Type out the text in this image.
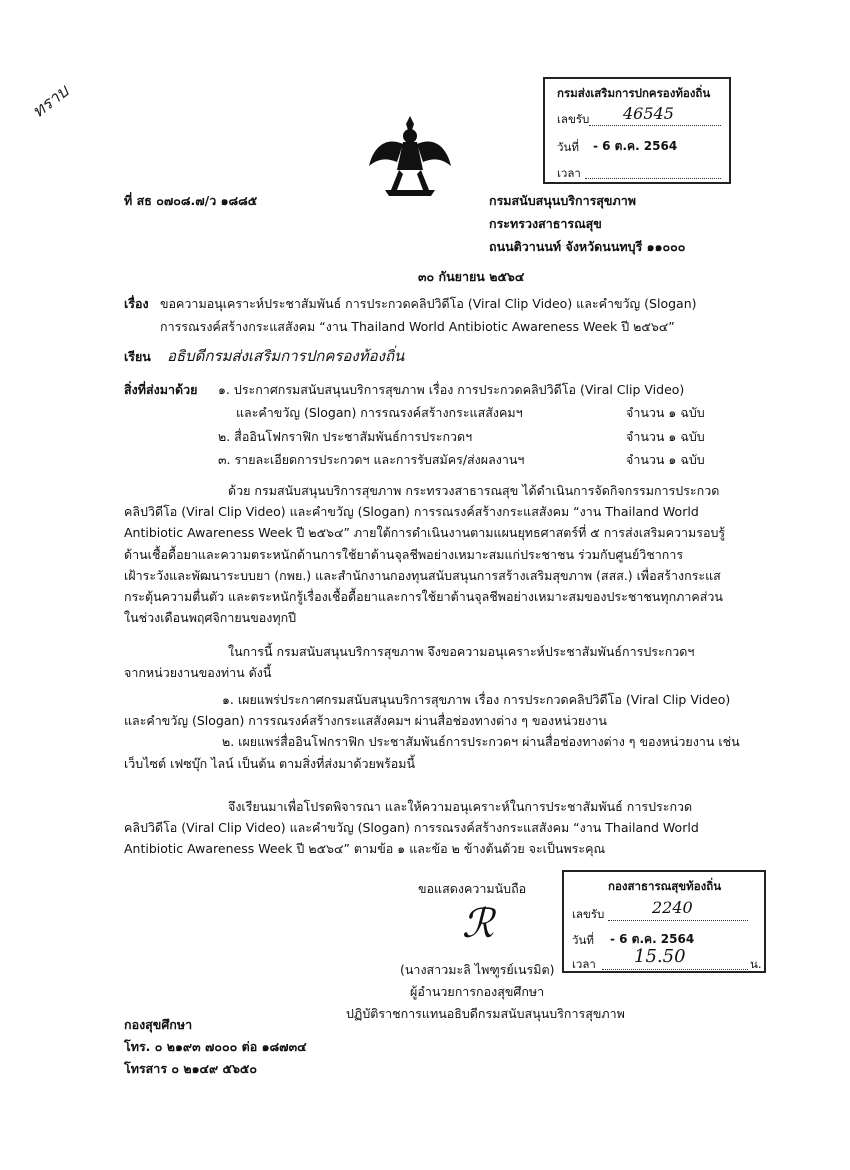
ทราบ	กรมส่งเสริมการปกครองท้องถิ่น
เลขรับ 46545
วันที่ - 6 ต.ค. 2564
เวลา
ที่ สธ ๐๗๐๘.๗/ว ๑๘๘๕	กรมสนับสนุนบริการสุขภาพ
กระทรวงสาธารณสุข
ถนนติวานนท์ จังหวัดนนทบุรี ๑๑๐๐๐
๓๐ กันยายน ๒๕๖๔
เรื่อง ขอความอนุเคราะห์ประชาสัมพันธ์ การประกวดคลิปวิดีโอ (Viral Clip Video) และคำขวัญ (Slogan)
การรณรงค์สร้างกระแสสังคม “งาน Thailand World Antibiotic Awareness Week ปี ๒๕๖๔”
เรียน อธิบดีกรมส่งเสริมการปกครองท้องถิ่น
สิ่งที่ส่งมาด้วย ๑. ประกาศกรมสนับสนุนบริการสุขภาพ เรื่อง การประกวดคลิปวิดีโอ (Viral Clip Video)
และคำขวัญ (Slogan) การรณรงค์สร้างกระแสสังคมฯ	จำนวน ๑ ฉบับ
๒. สื่ออินโฟกราฟิก ประชาสัมพันธ์การประกวดฯ	จำนวน ๑ ฉบับ
๓. รายละเอียดการประกวดฯ และการรับสมัคร/ส่งผลงานฯ	จำนวน ๑ ฉบับ
ด้วย กรมสนับสนุนบริการสุขภาพ กระทรวงสาธารณสุข ได้ดำเนินการจัดกิจกรรมการประกวด
คลิปวิดีโอ (Viral Clip Video) และคำขวัญ (Slogan) การรณรงค์สร้างกระแสสังคม “งาน Thailand World
Antibiotic Awareness Week ปี ๒๕๖๔” ภายใต้การดำเนินงานตามแผนยุทธศาสตร์ที่ ๕ การส่งเสริมความรอบรู้
ด้านเชื้อดื้อยาและความตระหนักด้านการใช้ยาต้านจุลชีพอย่างเหมาะสมแก่ประชาชน ร่วมกับศูนย์วิชาการ
เฝ้าระวังและพัฒนาระบบยา (กพย.) และสำนักงานกองทุนสนับสนุนการสร้างเสริมสุขภาพ (สสส.) เพื่อสร้างกระแส
กระตุ้นความตื่นตัว และตระหนักรู้เรื่องเชื้อดื้อยาและการใช้ยาต้านจุลชีพอย่างเหมาะสมของประชาชนทุกภาคส่วน
ในช่วงเดือนพฤศจิกายนของทุกปี
ในการนี้ กรมสนับสนุนบริการสุขภาพ จึงขอความอนุเคราะห์ประชาสัมพันธ์การประกวดฯ
จากหน่วยงานของท่าน ดังนี้
๑. เผยแพร่ประกาศกรมสนับสนุนบริการสุขภาพ เรื่อง การประกวดคลิปวิดีโอ (Viral Clip Video)
และคำขวัญ (Slogan) การรณรงค์สร้างกระแสสังคมฯ ผ่านสื่อช่องทางต่าง ๆ ของหน่วยงาน
๒. เผยแพร่สื่ออินโฟกราฟิก ประชาสัมพันธ์การประกวดฯ ผ่านสื่อช่องทางต่าง ๆ ของหน่วยงาน เช่น
เว็บไซต์ เฟซบุ๊ก ไลน์ เป็นต้น ตามสิ่งที่ส่งมาด้วยพร้อมนี้
จึงเรียนมาเพื่อโปรดพิจารณา และให้ความอนุเคราะห์ในการประชาสัมพันธ์ การประกวด
คลิปวิดีโอ (Viral Clip Video) และคำขวัญ (Slogan) การรณรงค์สร้างกระแสสังคม “งาน Thailand World
Antibiotic Awareness Week ปี ๒๕๖๔” ตามข้อ ๑ และข้อ ๒ ข้างต้นด้วย จะเป็นพระคุณ
ขอแสดงความนับถือ
ℛ
(นางสาวมะลิ ไพฑูรย์เนรมิต)
ผู้อำนวยการกองสุขศึกษา
ปฏิบัติราชการแทนอธิบดีกรมสนับสนุนบริการสุขภาพ
กองสาธารณสุขท้องถิ่น
เลขรับ	2240
วันที่ - 6 ต.ค. 2564
เวลา 15.50	น.
กองสุขศึกษา
โทร. ๐ ๒๑๙๓ ๗๐๐๐ ต่อ ๑๘๗๓๔
โทรสาร ๐ ๒๑๔๙ ๕๖๕๐
